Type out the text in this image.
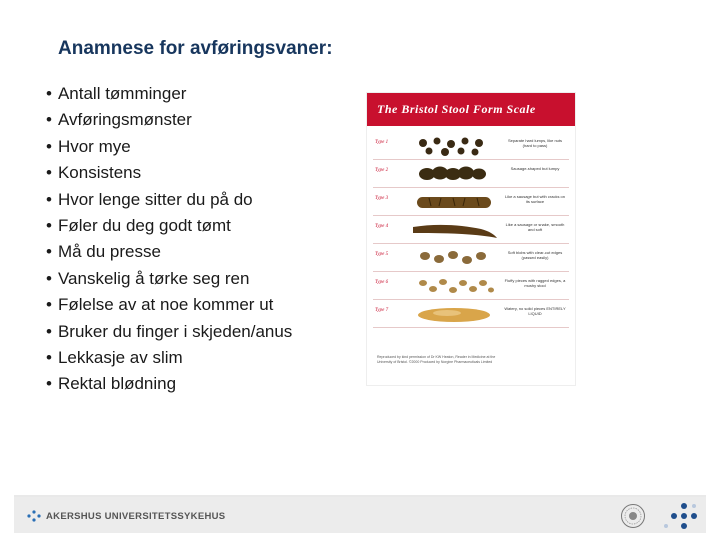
Anamnese for avføringsvaner:
• Antall tømminger
• Avføringsmønster
• Hvor mye
• Konsistens
• Hvor lenge sitter du på do
• Føler du deg godt tømt
• Må du presse
• Vanskelig å tørke seg ren
• Følelse av at noe kommer ut
• Bruker du finger i skjeden/anus
• Lekkasje av slim
• Rektal blødning
The Bristol Stool Form Scale
Type 1	Separate hard lumps, like nuts (hard to pass)
Type 2	Sausage-shaped but lumpy
Type 3	Like a sausage but with cracks on its surface
Type 4	Like a sausage or snake, smooth and soft
Type 5	Soft blobs with clear-cut edges (passed easily)
Type 6	Fluffy pieces with ragged edges, a mushy stool
Type 7	Watery, no solid pieces ENTIRELY LIQUID
Reproduced by kind permission of Dr KW Heaton, Reader in Medicine at the University of Bristol. ©2000 Produced by Norgine Pharmaceuticals Limited
AKERSHUS UNIVERSITETSSYKEHUS
